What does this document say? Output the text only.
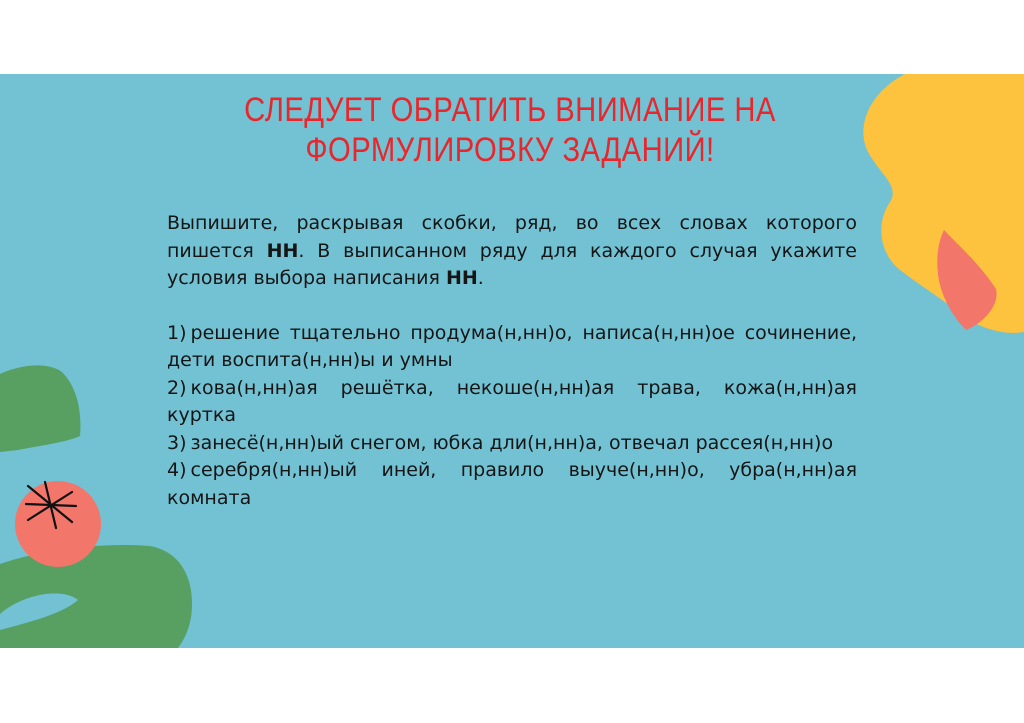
СЛЕДУЕТ ОБРАТИТЬ ВНИМАНИЕ НА
ФОРМУЛИРОВКУ ЗАДАНИЙ!
Выпишите, раскрывая скобки, ряд, во всех словах которого пишется НН. В выписанном ряду для каждого случая укажите условия выбора написания НН.
1) решение тщательно продума(н,нн)о, написа(н,нн)ое сочинение, дети воспита(н,нн)ы и умны
2) кова(н,нн)ая решётка, некоше(н,нн)ая трава, кожа(н,нн)ая куртка
3) занесё(н,нн)ый снегом, юбка дли(н,нн)а, отвечал рассея(н,нн)о
4) серебря(н,нн)ый иней, правило выуче(н,нн)о, убра(н,нн)ая комната
